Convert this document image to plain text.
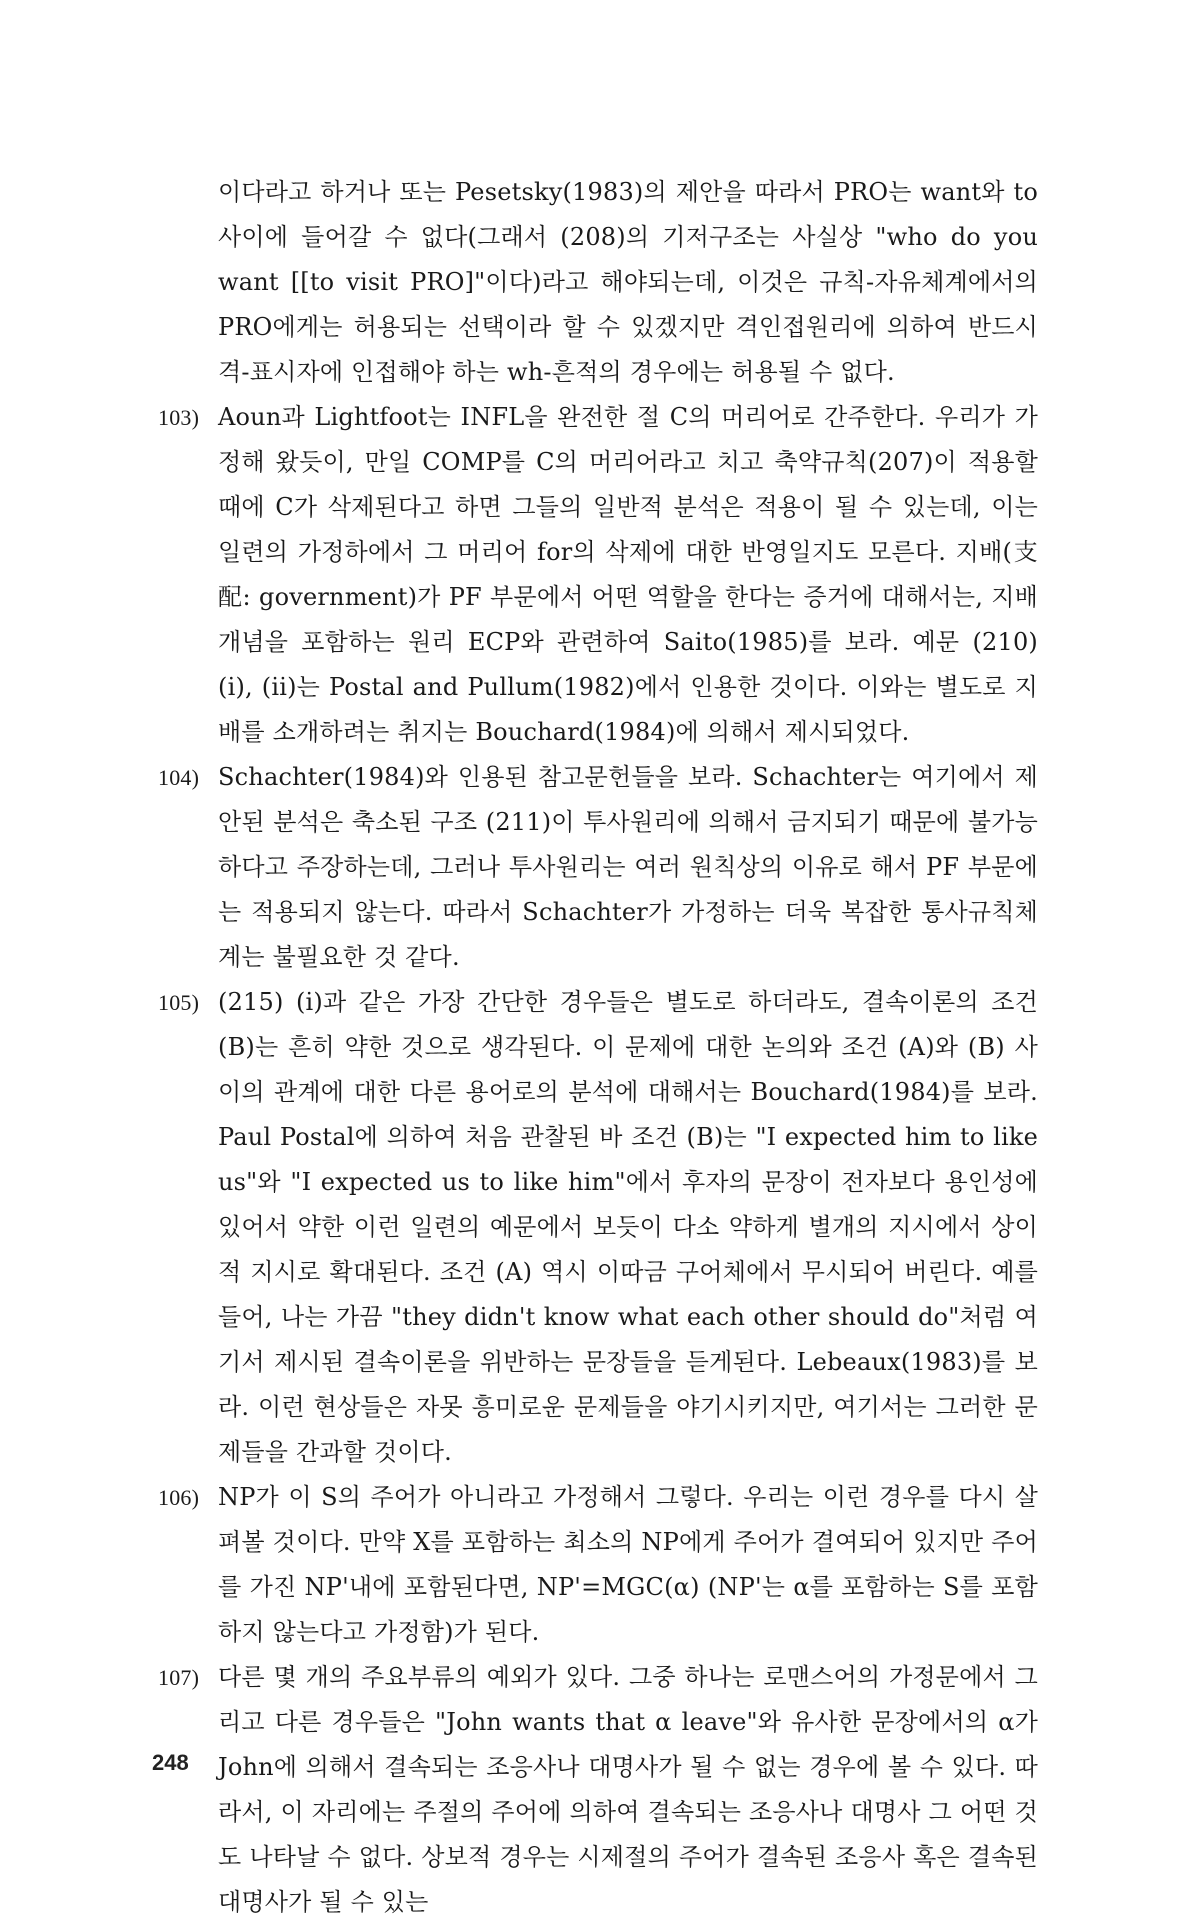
이다라고 하거나 또는 Pesetsky(1983)의 제안을 따라서 PRO는 want와 to 사이에 들어갈 수 없다(그래서 (208)의 기저구조는 사실상 "who do you want [[to visit PRO]"이다)라고 해야되는데, 이것은 규칙-자유체계에서의 PRO에게는 허용되는 선택이라 할 수 있겠지만 격인접원리에 의하여 반드시 격-표시자에 인접해야 하는 wh-흔적의 경우에는 허용될 수 없다.
103) Aoun과 Lightfoot는 INFL을 완전한 절 C의 머리어로 간주한다. 우리가 가정해 왔듯이, 만일 COMP를 C의 머리어라고 치고 축약규칙(207)이 적용할 때에 C가 삭제된다고 하면 그들의 일반적 분석은 적용이 될 수 있는데, 이는 일련의 가정하에서 그 머리어 for의 삭제에 대한 반영일지도 모른다. 지배(支配: government)가 PF 부문에서 어떤 역할을 한다는 증거에 대해서는, 지배개념을 포함하는 원리 ECP와 관련하여 Saito(1985)를 보라. 예문 (210) (i), (ii)는 Postal and Pullum(1982)에서 인용한 것이다. 이와는 별도로 지배를 소개하려는 취지는 Bouchard(1984)에 의해서 제시되었다.
104) Schachter(1984)와 인용된 참고문헌들을 보라. Schachter는 여기에서 제안된 분석은 축소된 구조 (211)이 투사원리에 의해서 금지되기 때문에 불가능하다고 주장하는데, 그러나 투사원리는 여러 원칙상의 이유로 해서 PF 부문에는 적용되지 않는다. 따라서 Schachter가 가정하는 더욱 복잡한 통사규칙체계는 불필요한 것 같다.
105) (215) (i)과 같은 가장 간단한 경우들은 별도로 하더라도, 결속이론의 조건 (B)는 흔히 약한 것으로 생각된다. 이 문제에 대한 논의와 조건 (A)와 (B) 사이의 관계에 대한 다른 용어로의 분석에 대해서는 Bouchard(1984)를 보라. Paul Postal에 의하여 처음 관찰된 바 조건 (B)는 "I expected him to like us"와 "I expected us to like him"에서 후자의 문장이 전자보다 용인성에 있어서 약한 이런 일련의 예문에서 보듯이 다소 약하게 별개의 지시에서 상이적 지시로 확대된다. 조건 (A) 역시 이따금 구어체에서 무시되어 버린다. 예를 들어, 나는 가끔 "they didn't know what each other should do"처럼 여기서 제시된 결속이론을 위반하는 문장들을 듣게된다. Lebeaux(1983)를 보라. 이런 현상들은 자못 흥미로운 문제들을 야기시키지만, 여기서는 그러한 문제들을 간과할 것이다.
106) NP가 이 S의 주어가 아니라고 가정해서 그렇다. 우리는 이런 경우를 다시 살펴볼 것이다. 만약 X를 포함하는 최소의 NP에게 주어가 결여되어 있지만 주어를 가진 NP'내에 포함된다면, NP'=MGC(α) (NP'는 α를 포함하는 S를 포함하지 않는다고 가정함)가 된다.
107) 다른 몇 개의 주요부류의 예외가 있다. 그중 하나는 로맨스어의 가정문에서 그리고 다른 경우들은 "John wants that α leave"와 유사한 문장에서의 α가 John에 의해서 결속되는 조응사나 대명사가 될 수 없는 경우에 볼 수 있다. 따라서, 이 자리에는 주절의 주어에 의하여 결속되는 조응사나 대명사 그 어떤 것도 나타날 수 없다. 상보적 경우는 시제절의 주어가 결속된 조응사 혹은 결속된 대명사가 될 수 있는
248
